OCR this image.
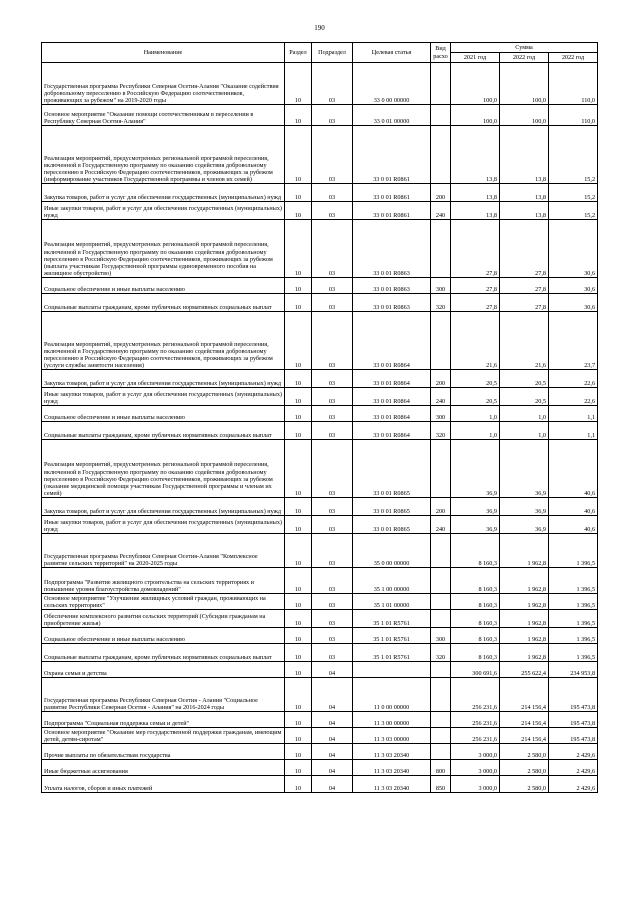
190
Наименование	Раздел	Подраздел	Целевая статья	Вид расхо	Сумма		
					2021 год	2022 год	2022 год
Государственная программа Республики Северная Осетия-Алания "Оказание содействия добровольному переселению в Российскую Федерацию соотечественников, проживающих за рубежом" на 2019-2020 годы	10	03	33 0 00 00000		100,0	100,0	110,0
Основное мероприятие "Оказание помощи соотечественникам в переселении в Республику Северная Осетия-Алания"	10	03	33 0 01 00000		100,0	100,0	110,0
Реализация мероприятий, предусмотренных региональной программой переселения, включенной в Государственную программу по оказанию содействия добровольному переселению в Российскую Федерацию соотечественников, проживающих за рубежом (информирование участников Государственной программы и членов их семей)	10	03	33 0 01 R0861		13,8	13,8	15,2
Закупка товаров, работ и услуг для обеспечения государственных (муниципальных) нужд	10	03	33 0 01 R0861	200	13,8	13,8	15,2
Иные закупки товаров, работ и услуг для обеспечения государственных (муниципальных) нужд	10	03	33 0 01 R0861	240	13,8	13,8	15,2
Реализация мероприятий, предусмотренных региональной программой переселения, включенной в Государственную программу по оказанию содействия добровольному переселению в Российскую Федерацию соотечественников, проживающих за рубежом (выплата участникам Государственной программы единовременного пособия на жилищное обустройство)	10	03	33 0 01 R0863		27,8	27,8	30,6
Социальное обеспечение и иные выплаты населению	10	03	33 0 01 R0863	300	27,8	27,8	30,6
Социальные выплаты гражданам, кроме публичных нормативных социальных выплат	10	03	33 0 01 R0863	320	27,8	27,8	30,6
Реализация мероприятий, предусмотренных региональной программой переселения, включенной в Государственную программу по оказанию содействия добровольному переселению в Российскую Федерацию соотечественников, проживающих за рубежом (услуги службы занятости населения)	10	03	33 0 01 R0864		21,6	21,6	23,7
Закупка товаров, работ и услуг для обеспечения государственных (муниципальных) нужд	10	03	33 0 01 R0864	200	20,5	20,5	22,6
Иные закупки товаров, работ и услуг для обеспечения государственных (муниципальных) нужд	10	03	33 0 01 R0864	240	20,5	20,5	22,6
Социальное обеспечение и иные выплаты населению	10	03	33 0 01 R0864	300	1,0	1,0	1,1
Социальные выплаты гражданам, кроме публичных нормативных социальных выплат	10	03	33 0 01 R0864	320	1,0	1,0	1,1
Реализация мероприятий, предусмотренных региональной программой переселения, включенной в Государственную программу по оказанию содействия добровольному переселению в Российскую Федерацию соотечественников, проживающих за рубежом (оказание медицинской помощи участникам Государственной программы и членам их семей)	10	03	33 0 01 R0865		36,9	36,9	40,6
Закупка товаров, работ и услуг для обеспечения государственных (муниципальных) нужд	10	03	33 0 01 R0865	200	36,9	36,9	40,6
Иные закупки товаров, работ и услуг для обеспечения государственных (муниципальных) нужд	10	03	33 0 01 R0865	240	36,9	36,9	40,6
Государственная программа Республики Северная Осетия-Алания "Комплексное развитие сельских территорий" на 2020-2025 годы	10	03	35 0 00 00000		8 160,3	1 962,8	1 396,5
Подпрограмма "Развитие жилищного строительства на сельских территориях и повышение уровня благоустройства домовладений"	10	03	35 1 00 00000		8 160,3	1 962,8	1 396,5
Основное мероприятие "Улучшение жилищных условий граждан, проживающих на сельских территориях"	10	03	35 1 01 00000		8 160,3	1 962,8	1 396,5
Обеспечение комплексного развития сельских территорий (Субсидии гражданам на приобретение жилья)	10	03	35 1 01 R5761		8 160,3	1 962,8	1 396,5
Социальное обеспечение и иные выплаты населению	10	03	35 1 01 R5761	300	8 160,3	1 962,8	1 396,5
Социальные выплаты гражданам, кроме публичных нормативных социальных выплат	10	03	35 1 01 R5761	320	8 160,3	1 962,8	1 396,5
Охрана семьи и детства	10	04			300 691,6	255 622,4	234 953,8
Государственная программа Республики Северная Осетия - Алания "Социальное развитие Республики Северная Осетия - Алания" на 2016-2024 годы	10	04	11 0 00 00000		256 231,6	214 156,4	195 473,8
Подпрограмма "Социальная поддержка семьи и детей"	10	04	11 3 00 00000		256 231,6	214 156,4	195 473,8
Основное мероприятие "Оказание мер государственной поддержки гражданам, имеющим детей, детям-сиротам"	10	04	11 3 03 00000		256 231,6	214 156,4	195 473,8
Прочие выплаты по обязательствам государства	10	04	11 3 03 20340		3 000,0	2 580,0	2 429,6
Иные бюджетные ассигнования	10	04	11 3 03 20340	800	3 000,0	2 580,0	2 429,6
Уплата налогов, сборов и иных платежей	10	04	11 3 03 20340	850	3 000,0	2 580,0	2 429,6
